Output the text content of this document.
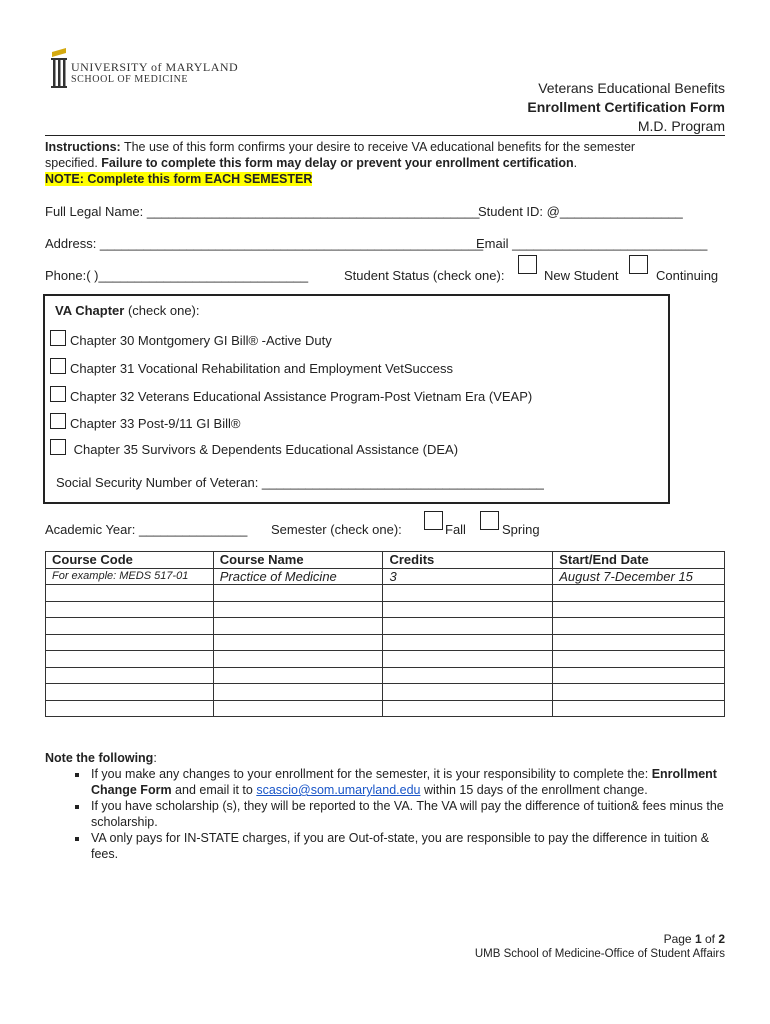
UNIVERSITY of MARYLAND
SCHOOL OF MEDICINE
Veterans Educational Benefits
Enrollment Certification Form
M.D. Program
Instructions: The use of this form confirms your desire to receive VA educational benefits for the semester
specified. Failure to complete this form may delay or prevent your enrollment certification.
NOTE: Complete this form EACH SEMESTER
Full Legal Name: ______________________________________________
Student ID: @_________________
Address: _____________________________________________________
Email ___________________________
Phone:( )_____________________________	Student Status (check one):	New Student	Continuing
VA Chapter (check one):
Chapter 30 Montgomery GI Bill® -Active Duty
Chapter 31 Vocational Rehabilitation and Employment VetSuccess
Chapter 32 Veterans Educational Assistance Program-Post Vietnam Era (VEAP)
Chapter 33 Post-9/11 GI Bill®
Chapter 35 Survivors & Dependents Educational Assistance (DEA)
Social Security Number of Veteran: _______________________________________
Academic Year: _______________ Semester (check one):	Fall	Spring
Course Code	Course Name	Credits	Start/End Date
For example: MEDS 517-01	Practice of Medicine	3	August 7-December 15

Note the following:
▪ If you make any changes to your enrollment for the semester, it is your responsibility to complete the: Enrollment Change Form and email it to scascio@som.umaryland.edu within 15 days of the enrollment change.
▪ If you have scholarship (s), they will be reported to the VA. The VA will pay the difference of tuition& fees minus the scholarship.
▪ VA only pays for IN-STATE charges, if you are Out-of-state, you are responsible to pay the difference in tuition & fees.
Page 1 of 2
UMB School of Medicine-Office of Student Affairs
